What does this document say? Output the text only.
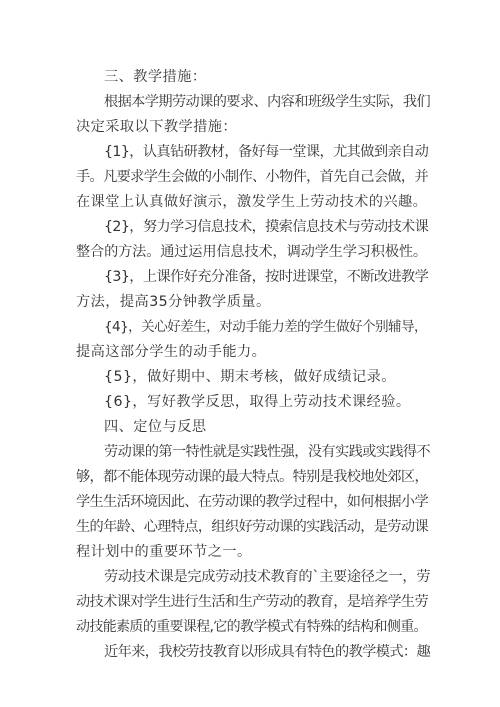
三、教学措施：
根据本学期劳动课的要求、内容和班级学生实际，我们
决定采取以下教学措施：
{1}，认真钻研教材，备好每一堂课，尤其做到亲自动
手。凡要求学生会做的小制作、小物件，首先自己会做，并
在课堂上认真做好演示，激发学生上劳动技术的兴趣。
{2}，努力学习信息技术，摸索信息技术与劳动技术课
整合的方法。通过运用信息技术，调动学生学习积极性。
{3}，上课作好充分准备，按时进课堂，不断改进教学
方法，提高35分钟教学质量。
{4}，关心好差生，对动手能力差的学生做好个别辅导，
提高这部分学生的动手能力。
{5}，做好期中、期末考核，做好成绩记录。
{6}，写好教学反思，取得上劳动技术课经验。
四、定位与反思
劳动课的第一特性就是实践性强，没有实践或实践得不
够，都不能体现劳动课的最大特点。特别是我校地处郊区，
学生生活环境因此、在劳动课的教学过程中，如何根据小学
生的年龄、心理特点，组织好劳动课的实践活动，是劳动课
程计划中的重要环节之一。
劳动技术课是完成劳动技术教育的`主要途径之一，劳
动技术课对学生进行生活和生产劳动的教育，是培养学生劳
动技能素质的重要课程,它的教学模式有特殊的结构和侧重。
近年来，我校劳技教育以形成具有特色的教学模式：趣
